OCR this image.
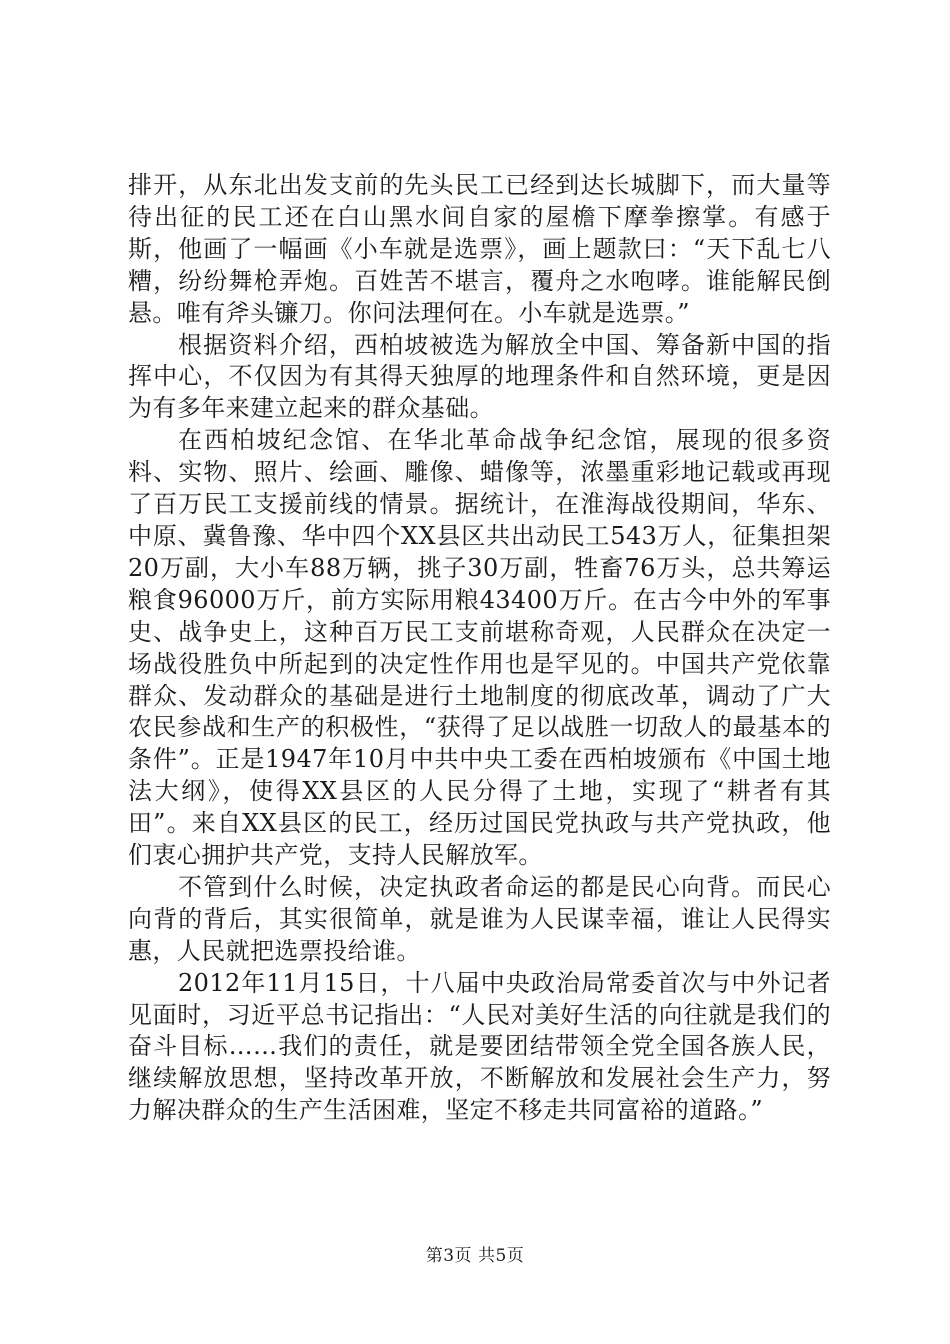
排开，从东北出发支前的先头民工已经到达长城脚下，而大量等待出征的民工还在白山黑水间自家的屋檐下摩拳擦掌。有感于斯，他画了一幅画《小车就是选票》，画上题款曰：“天下乱七八糟，纷纷舞枪弄炮。百姓苦不堪言，覆舟之水咆哮。谁能解民倒悬。唯有斧头镰刀。你问法理何在。小车就是选票。”

根据资料介绍，西柏坡被选为解放全中国、筹备新中国的指挥中心，不仅因为有其得天独厚的地理条件和自然环境，更是因为有多年来建立起来的群众基础。

在西柏坡纪念馆、在华北革命战争纪念馆，展现的很多资料、实物、照片、绘画、雕像、蜡像等，浓墨重彩地记载或再现了百万民工支援前线的情景。据统计，在淮海战役期间，华东、中原、冀鲁豫、华中四个XX县区共出动民工543万人，征集担架20万副，大小车88万辆，挑子30万副，牲畜76万头，总共筹运粮食96000万斤，前方实际用粮43400万斤。在古今中外的军事史、战争史上，这种百万民工支前堪称奇观，人民群众在决定一场战役胜负中所起到的决定性作用也是罕见的。中国共产党依靠群众、发动群众的基础是进行土地制度的彻底改革，调动了广大农民参战和生产的积极性，“获得了足以战胜一切敌人的最基本的条件”。正是1947年10月中共中央工委在西柏坡颁布《中国土地法大纲》，使得XX县区的人民分得了土地，实现了“耕者有其田”。来自XX县区的民工，经历过国民党执政与共产党执政，他们衷心拥护共产党，支持人民解放军。

不管到什么时候，决定执政者命运的都是民心向背。而民心向背的背后，其实很简单，就是谁为人民谋幸福，谁让人民得实惠，人民就把选票投给谁。

2012年11月15日，十八届中央政治局常委首次与中外记者见面时，习近平总书记指出：“人民对美好生活的向往就是我们的奋斗目标……我们的责任，就是要团结带领全党全国各族人民，继续解放思想，坚持改革开放，不断解放和发展社会生产力，努力解决群众的生产生活困难，坚定不移走共同富裕的道路。”

第3页 共5页
